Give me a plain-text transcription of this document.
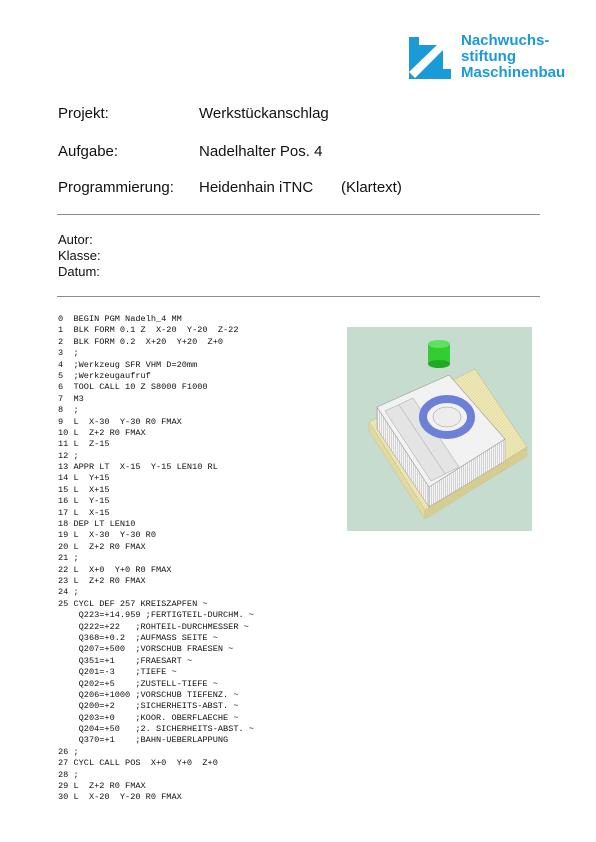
Nachwuchs-
stiftung
Maschinenbau
Projekt:	Werkstückanschlag
Aufgabe:	Nadelhalter Pos. 4
Programmierung: Heidenhain iTNC (Klartext)
Autor:
Klasse:
Datum:
0  BEGIN PGM Nadelh_4 MM
1  BLK FORM 0.1 Z  X-20  Y-20  Z-22
2  BLK FORM 0.2  X+20  Y+20  Z+0
3  ;
4  ;Werkzeug SFR VHM D=20mm
5  ;Werkzeugaufruf
6  TOOL CALL 10 Z S8000 F1000
7  M3
8  ;
9  L  X-30  Y-30 R0 FMAX
10 L  Z+2 R0 FMAX
11 L  Z-15
12 ;
13 APPR LT  X-15  Y-15 LEN10 RL
14 L  Y+15
15 L  X+15
16 L  Y-15
17 L  X-15
18 DEP LT LEN10
19 L  X-30  Y-30 R0
20 L  Z+2 R0 FMAX
21 ;
22 L  X+0  Y+0 R0 FMAX
23 L  Z+2 R0 FMAX
24 ;
25 CYCL DEF 257 KREISZAPFEN ~
Q223=+14.959 ;FERTIGTEIL-DURCHM. ~
Q222=+22   ;ROHTEIL-DURCHMESSER ~
Q368=+0.2  ;AUFMASS SEITE ~
Q207=+500  ;VORSCHUB FRAESEN ~
Q351=+1    ;FRAESART ~
Q201=-3    ;TIEFE ~
Q202=+5    ;ZUSTELL-TIEFE ~
Q206=+1000 ;VORSCHUB TIEFENZ. ~
Q200=+2    ;SICHERHEITS-ABST. ~
Q203=+0    ;KOOR. OBERFLAECHE ~
Q204=+50   ;2. SICHERHEITS-ABST. ~
Q370=+1    ;BAHN-UEBERLAPPUNG
26 ;
27 CYCL CALL POS  X+0  Y+0  Z+0
28 ;
29 L  Z+2 R0 FMAX
30 L  X-20  Y-20 R0 FMAX
